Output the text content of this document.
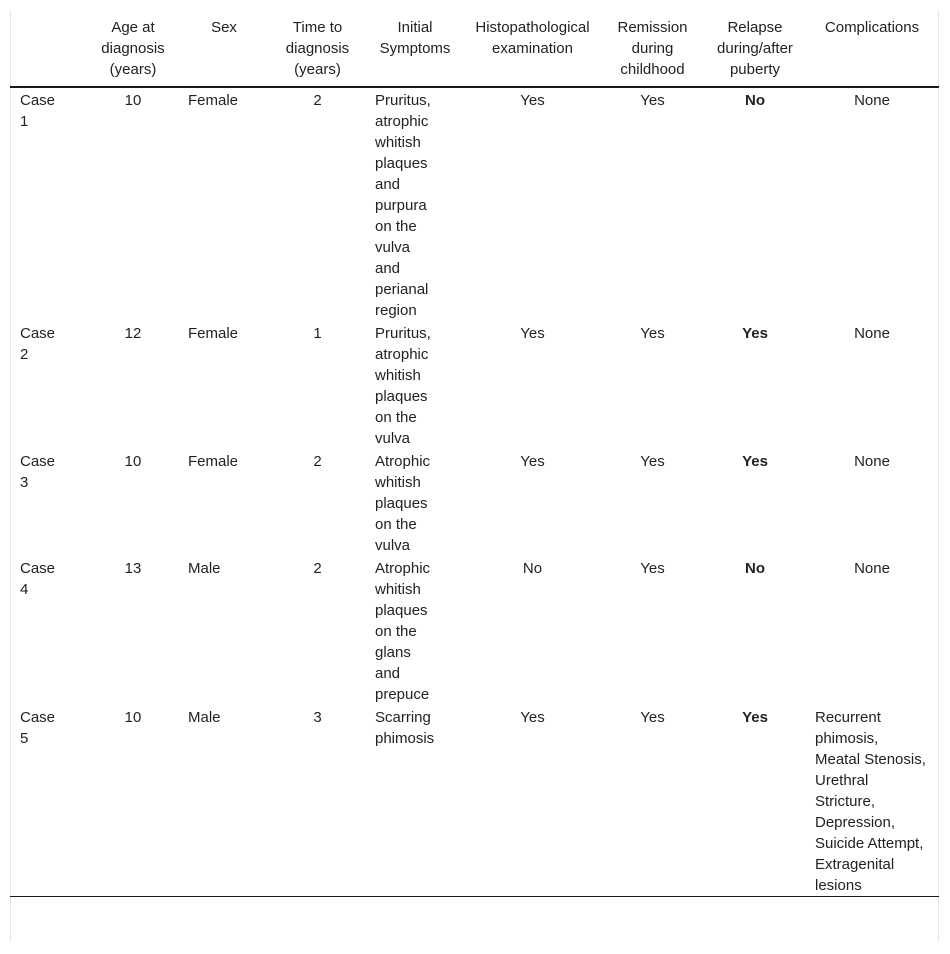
	Age at diagnosis (years)	Sex	Time to diagnosis (years)	Initial Symptoms	Histopathological examination	Remission during childhood	Relapse during/after puberty	Complications

Case 1	10	Female	2	Pruritus, atrophic whitish plaques and purpura on the vulva and perianal region	Yes	Yes	No	None

Case 2	12	Female	1	Pruritus, atrophic whitish plaques on the vulva	Yes	Yes	Yes	None

Case 3	10	Female	2	Atrophic whitish plaques on the vulva	Yes	Yes	Yes	None

Case 4	13	Male	2	Atrophic whitish plaques on the glans and prepuce	No	Yes	No	None

Case 5	10	Male	3	Scarring phimosis	Yes	Yes	Yes	Recurrent phimosis, Meatal Stenosis, Urethral Stricture, Depression, Suicide Attempt, Extragenital lesions
